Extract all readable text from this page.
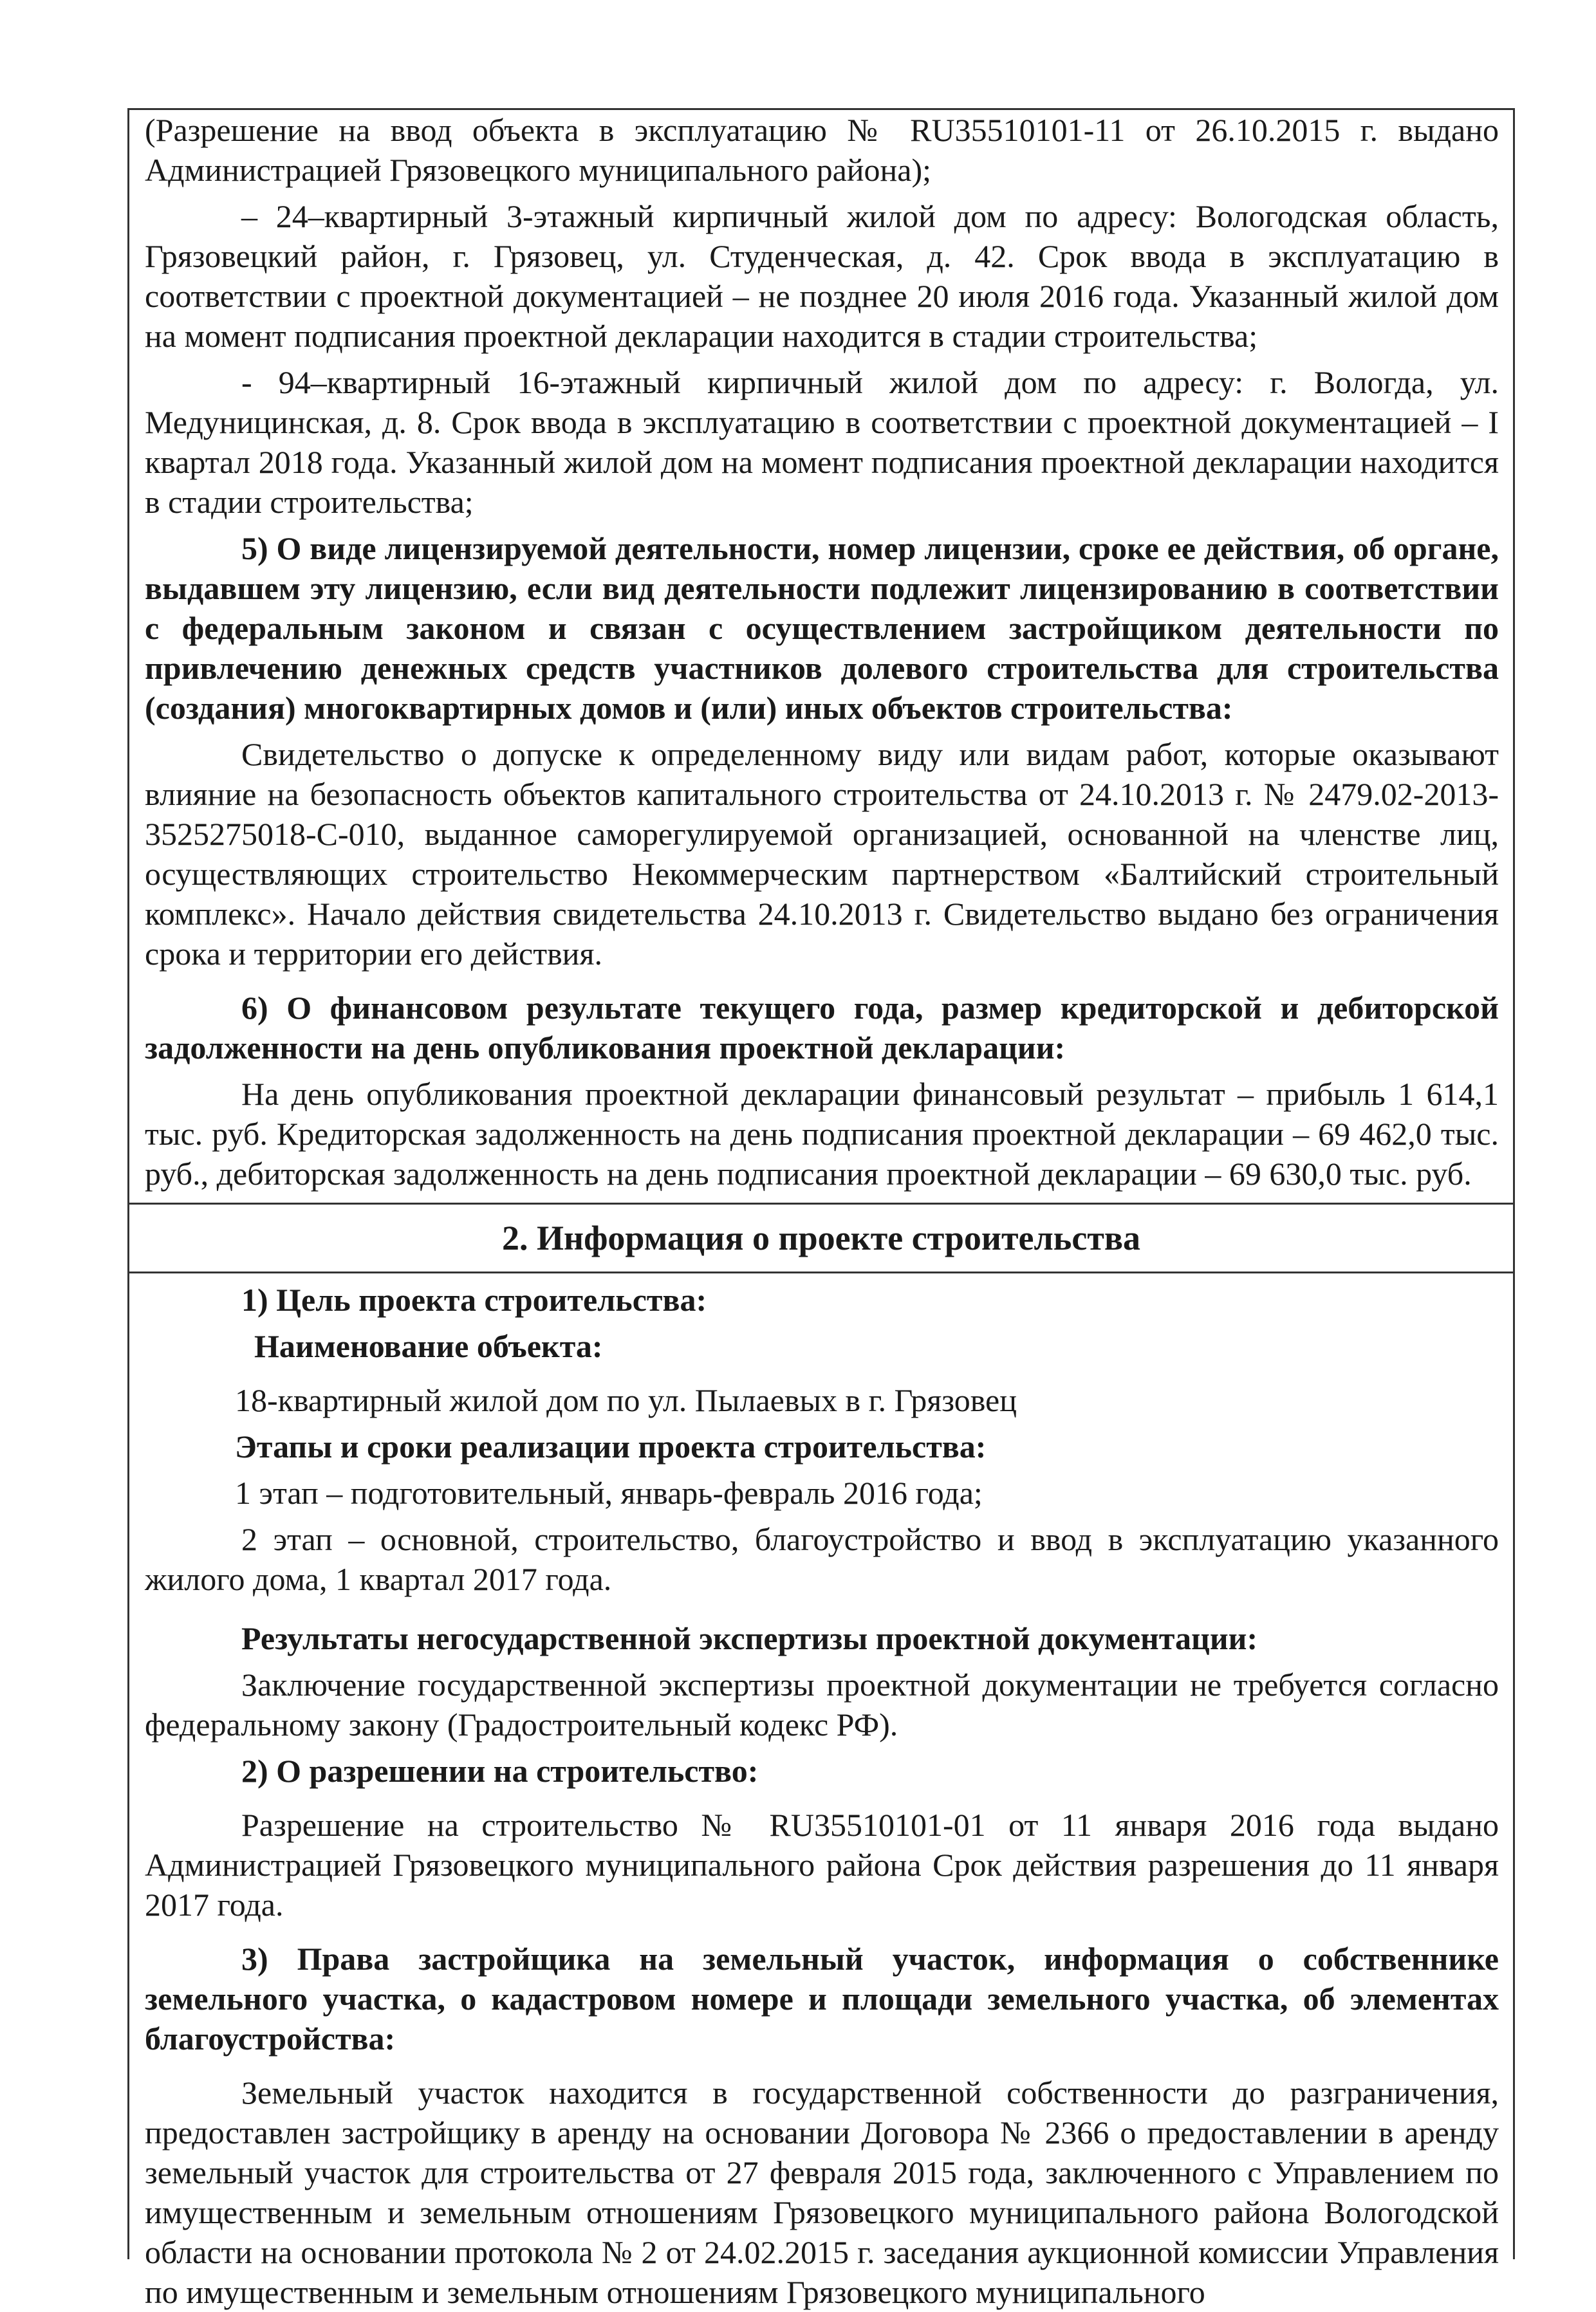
(Разрешение на ввод объекта в эксплуатацию № RU35510101-11 от 26.10.2015 г. выдано Администрацией Грязовецкого муниципального района);

– 24–квартирный 3-этажный кирпичный жилой дом по адресу: Вологодская область, Грязовецкий район, г. Грязовец, ул. Студенческая, д. 42. Срок ввода в эксплуатацию в соответствии с проектной документацией – не позднее 20 июля 2016 года. Указанный жилой дом на момент подписания проектной декларации находится в стадии строительства;

- 94–квартирный 16-этажный кирпичный жилой дом по адресу: г. Вологда, ул. Медуницинская, д. 8. Срок ввода в эксплуатацию в соответствии с проектной документацией – I квартал 2018 года. Указанный жилой дом на момент подписания проектной декларации находится в стадии строительства;

5) О виде лицензируемой деятельности, номер лицензии, сроке ее действия, об органе, выдавшем эту лицензию, если вид деятельности подлежит лицензированию в соответствии с федеральным законом и связан с осуществлением застройщиком деятельности по привлечению денежных средств участников долевого строительства для строительства (создания) многоквартирных домов и (или) иных объектов строительства:

Свидетельство о допуске к определенному виду или видам работ, которые оказывают влияние на безопасность объектов капитального строительства от 24.10.2013 г. № 2479.02-2013-3525275018-С-010, выданное саморегулируемой организацией, основанной на членстве лиц, осуществляющих строительство Некоммерческим партнерством «Балтийский строительный комплекс». Начало действия свидетельства 24.10.2013 г. Свидетельство выдано без ограничения срока и территории его действия.

6) О финансовом результате текущего года, размер кредиторской и дебиторской задолженности на день опубликования проектной декларации:

На день опубликования проектной декларации финансовый результат – прибыль 1 614,1 тыс. руб. Кредиторская задолженность на день подписания проектной декларации – 69 462,0 тыс. руб., дебиторская задолженность на день подписания проектной декларации – 69 630,0 тыс. руб.

2. Информация о проекте строительства

1) Цель проекта строительства:

Наименование объекта:

18-квартирный жилой дом по ул. Пылаевых в г. Грязовец

Этапы и сроки реализации проекта строительства:

1 этап – подготовительный, январь-февраль 2016 года;

2 этап – основной, строительство, благоустройство и ввод в эксплуатацию указанного жилого дома, 1 квартал 2017 года.

Результаты негосударственной экспертизы проектной документации:

Заключение государственной экспертизы проектной документации не требуется согласно федеральному закону (Градостроительный кодекс РФ).

2) О разрешении на строительство:

Разрешение на строительство № RU35510101-01 от 11 января 2016 года выдано Администрацией Грязовецкого муниципального района Срок действия разрешения до 11 января 2017 года.

3) Права застройщика на земельный участок, информация о собственнике земельного участка, о кадастровом номере и площади земельного участка, об элементах благоустройства:

Земельный участок находится в государственной собственности до разграничения, предоставлен застройщику в аренду на основании Договора № 2366 о предоставлении в аренду земельный участок для строительства от 27 февраля 2015 года, заключенного с Управлением по имущественным и земельным отношениям Грязовецкого муниципального района Вологодской области на основании протокола № 2 от 24.02.2015 г. заседания аукционной комиссии Управления по имущественным и земельным отношениям Грязовецкого муниципального
